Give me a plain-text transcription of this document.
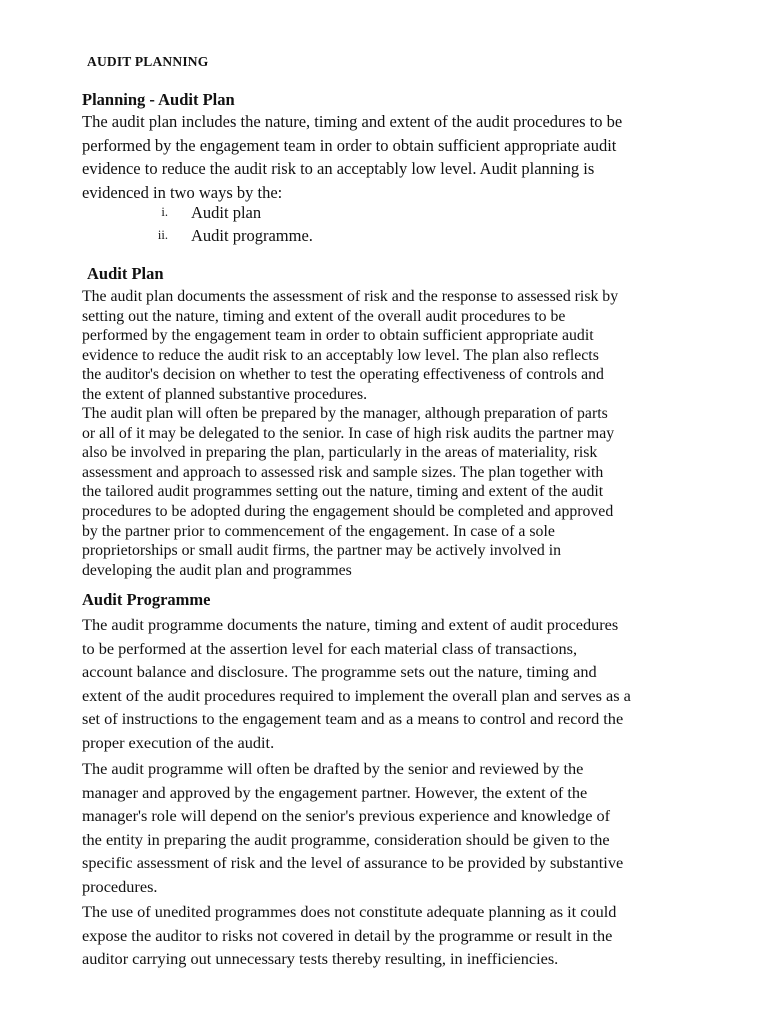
AUDIT PLANNING
Planning - Audit Plan
The audit plan includes the nature, timing and extent of the audit procedures to be
performed by the engagement team in order to obtain sufficient appropriate audit
evidence to reduce the audit risk to an acceptably low level. Audit planning is
evidenced in two ways by the:
i. Audit plan
ii. Audit programme.
Audit Plan
The audit plan documents the assessment of risk and the response to assessed risk by
setting out the nature, timing and extent of the overall audit procedures to be
performed by the engagement team in order to obtain sufficient appropriate audit
evidence to reduce the audit risk to an acceptably low level. The plan also reflects
the auditor's decision on whether to test the operating effectiveness of controls and
the extent of planned substantive procedures.
The audit plan will often be prepared by the manager, although preparation of parts
or all of it may be delegated to the senior. In case of high risk audits the partner may
also be involved in preparing the plan, particularly in the areas of materiality, risk
assessment and approach to assessed risk and sample sizes. The plan together with
the tailored audit programmes setting out the nature, timing and extent of the audit
procedures to be adopted during the engagement should be completed and approved
by the partner prior to commencement of the engagement. In case of a sole
proprietorships or small audit firms, the partner may be actively involved in
developing the audit plan and programmes
Audit Programme
The audit programme documents the nature, timing and extent of audit procedures
to be performed at the assertion level for each material class of transactions,
account balance and disclosure. The programme sets out the nature, timing and
extent of the audit procedures required to implement the overall plan and serves as a
set of instructions to the engagement team and as a means to control and record the
proper execution of the audit.
The audit programme will often be drafted by the senior and reviewed by the
manager and approved by the engagement partner. However, the extent of the
manager's role will depend on the senior's previous experience and knowledge of
the entity in preparing the audit programme, consideration should be given to the
specific assessment of risk and the level of assurance to be provided by substantive
procedures.
The use of unedited programmes does not constitute adequate planning as it could
expose the auditor to risks not covered in detail by the programme or result in the
auditor carrying out unnecessary tests thereby resulting, in inefficiencies.
